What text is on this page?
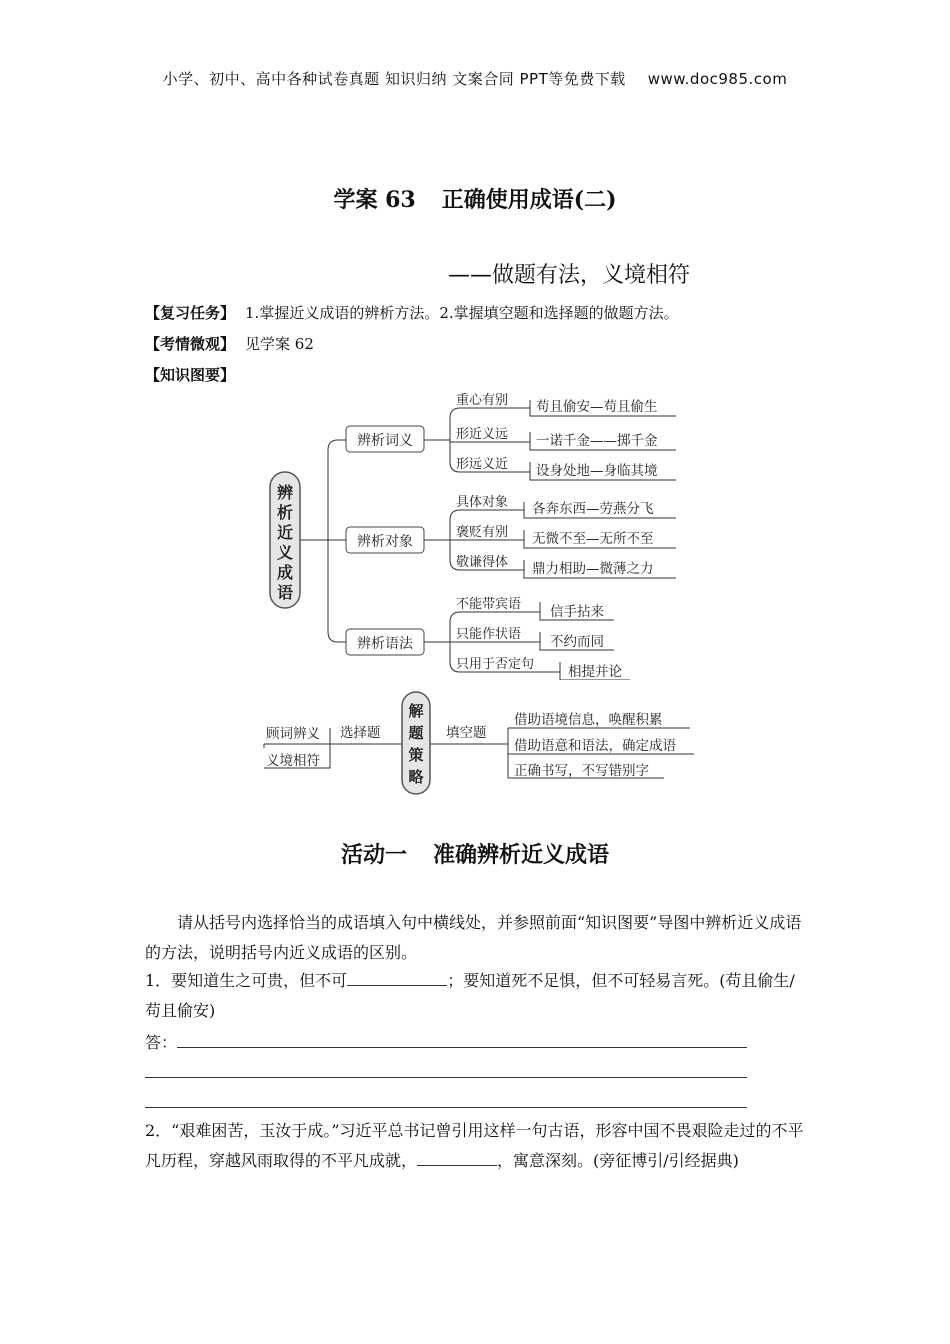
小学、初中、高中各种试卷真题 知识归纳 文案合同 PPT等免费下载 www.doc985.com
学案 63 正确使用成语(二)
——做题有法，义境相符
【复习任务】 1.掌握近义成语的辨析方法。2.掌握填空题和选择题的做题方法。
【考情微观】 见学案 62
【知识图要】
辨
析
近
义
成
语
辨析词义
辨析对象
辨析语法
重心有别
形近义远
形远义近
苟且偷安—苟且偷生
一诺千金——掷千金
设身处地—身临其境
具体对象
褒贬有别
敬谦得体
各奔东西—劳燕分飞
无微不至—无所不至
鼎力相助—微薄之力
不能带宾语
只能作状语
只用于否定句
信手拈来
不约而同
相提并论
解
题
策
略
选择题
顾词辨义
义境相符
填空题
借助语境信息，唤醒积累
借助语意和语法，确定成语
正确书写，不写错别字
活动一 准确辨析近义成语
请从括号内选择恰当的成语填入句中横线处，并参照前面“知识图要”导图中辨析近义成语的方法，说明括号内近义成语的区别。
1．要知道生之可贵，但不可	；要知道死不足惧，但不可轻易言死。(苟且偷生/苟且偷安)
答：
2．“艰难困苦，玉汝于成。”习近平总书记曾引用这样一句古语，形容中国不畏艰险走过的不平凡历程，穿越风雨取得的不平凡成就，	，寓意深刻。(旁征博引/引经据典)
